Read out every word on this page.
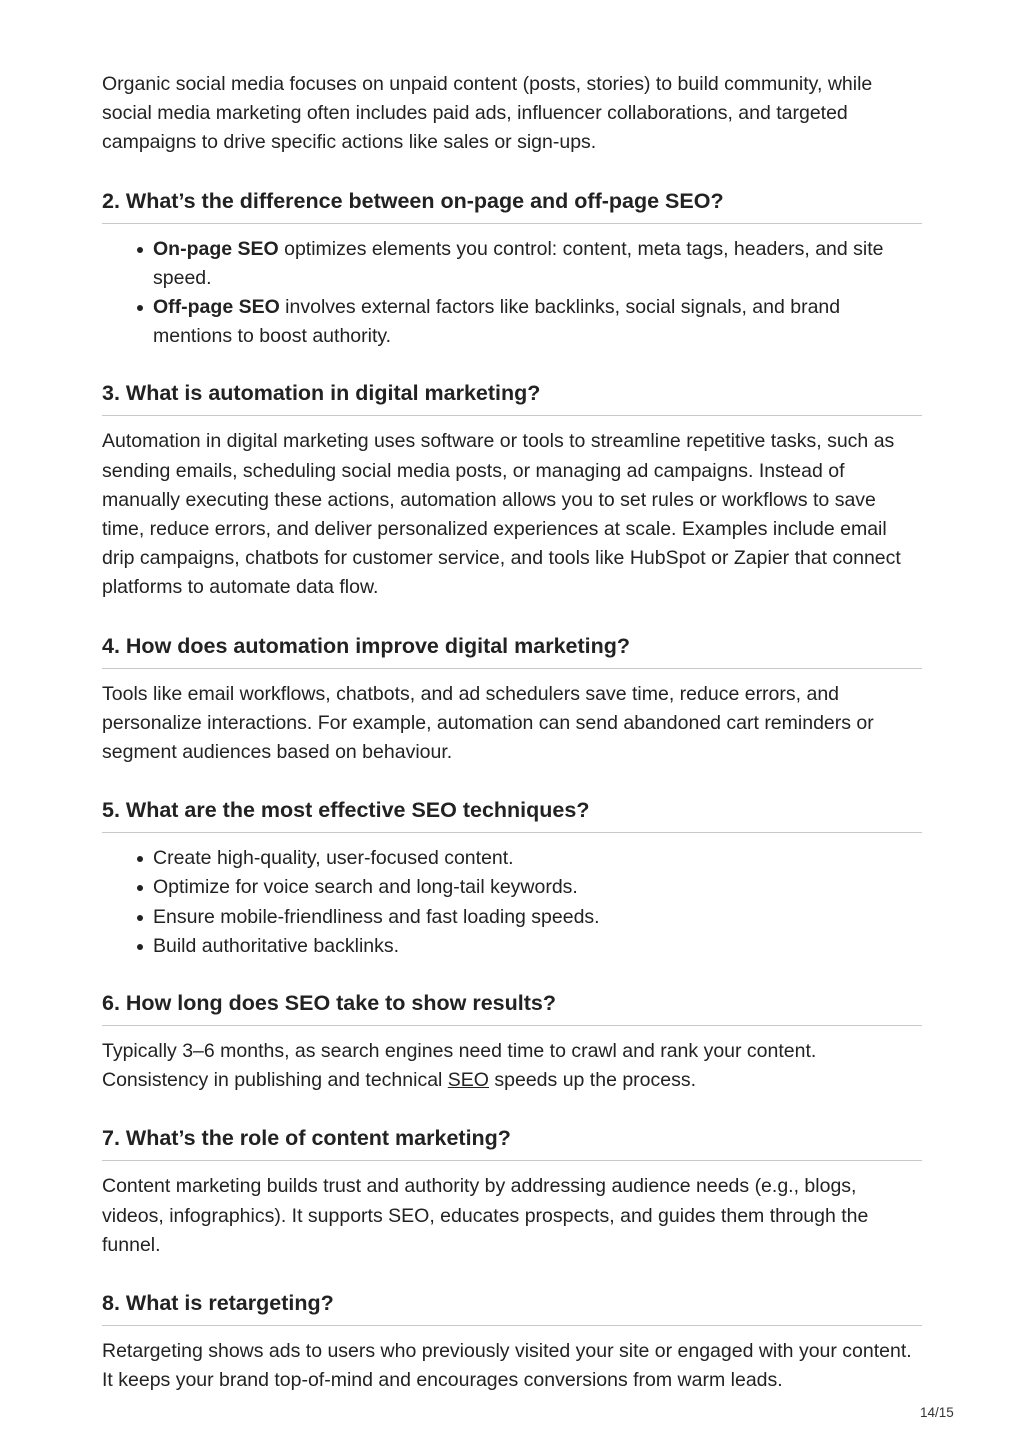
Organic social media focuses on unpaid content (posts, stories) to build community, while social media marketing often includes paid ads, influencer collaborations, and targeted campaigns to drive specific actions like sales or sign-ups.

2. What’s the difference between on-page and off-page SEO?
On-page SEO optimizes elements you control: content, meta tags, headers, and site speed.
Off-page SEO involves external factors like backlinks, social signals, and brand mentions to boost authority.
3. What is automation in digital marketing?

Automation in digital marketing uses software or tools to streamline repetitive tasks, such as sending emails, scheduling social media posts, or managing ad campaigns. Instead of manually executing these actions, automation allows you to set rules or workflows to save time, reduce errors, and deliver personalized experiences at scale. Examples include email drip campaigns, chatbots for customer service, and tools like HubSpot or Zapier that connect platforms to automate data flow.

4. How does automation improve digital marketing?

Tools like email workflows, chatbots, and ad schedulers save time, reduce errors, and personalize interactions. For example, automation can send abandoned cart reminders or segment audiences based on behaviour.

5. What are the most effective SEO techniques?
Create high-quality, user-focused content.
Optimize for voice search and long-tail keywords.
Ensure mobile-friendliness and fast loading speeds.
Build authoritative backlinks.
6. How long does SEO take to show results?

Typically 3–6 months, as search engines need time to crawl and rank your content. Consistency in publishing and technical SEO speeds up the process.

7. What’s the role of content marketing?

Content marketing builds trust and authority by addressing audience needs (e.g., blogs, videos, infographics). It supports SEO, educates prospects, and guides them through the funnel.

8. What is retargeting?

Retargeting shows ads to users who previously visited your site or engaged with your content. It keeps your brand top-of-mind and encourages conversions from warm leads.

14/15
